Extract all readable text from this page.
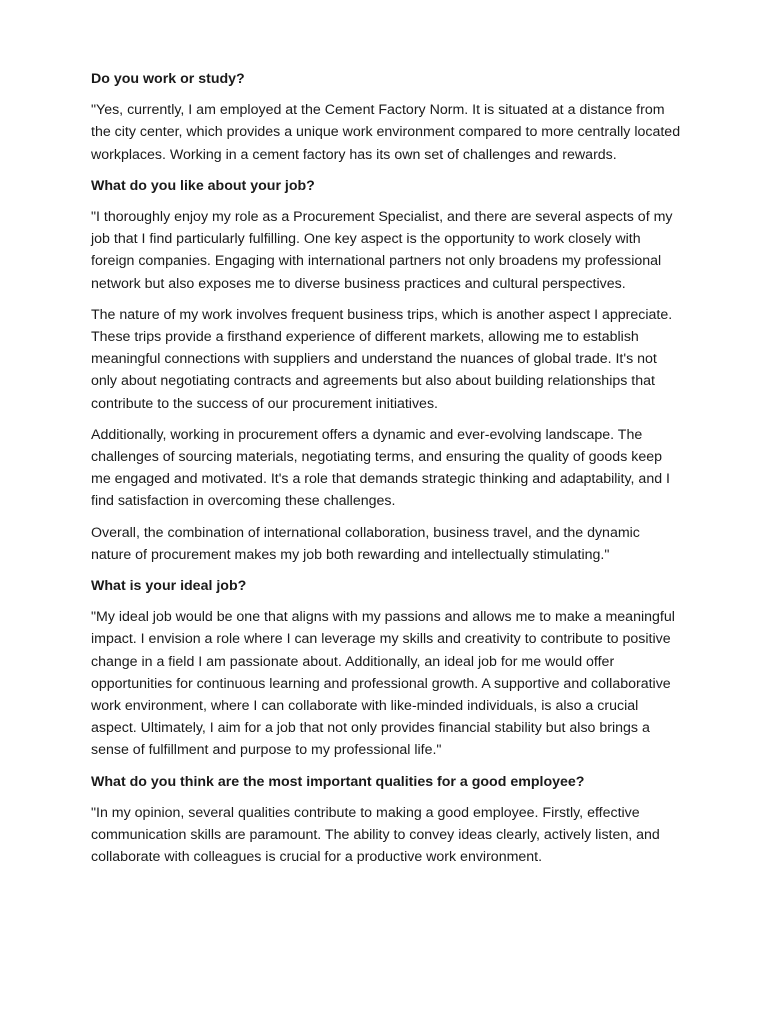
Do you work or study?
"Yes, currently, I am employed at the Cement Factory Norm. It is situated at a distance from the city center, which provides a unique work environment compared to more centrally located workplaces. Working in a cement factory has its own set of challenges and rewards.
What do you like about your job?
"I thoroughly enjoy my role as a Procurement Specialist, and there are several aspects of my job that I find particularly fulfilling. One key aspect is the opportunity to work closely with foreign companies. Engaging with international partners not only broadens my professional network but also exposes me to diverse business practices and cultural perspectives.
The nature of my work involves frequent business trips, which is another aspect I appreciate. These trips provide a firsthand experience of different markets, allowing me to establish meaningful connections with suppliers and understand the nuances of global trade. It's not only about negotiating contracts and agreements but also about building relationships that contribute to the success of our procurement initiatives.
Additionally, working in procurement offers a dynamic and ever-evolving landscape. The challenges of sourcing materials, negotiating terms, and ensuring the quality of goods keep me engaged and motivated. It's a role that demands strategic thinking and adaptability, and I find satisfaction in overcoming these challenges.
Overall, the combination of international collaboration, business travel, and the dynamic nature of procurement makes my job both rewarding and intellectually stimulating."
What is your ideal job?
"My ideal job would be one that aligns with my passions and allows me to make a meaningful impact. I envision a role where I can leverage my skills and creativity to contribute to positive change in a field I am passionate about. Additionally, an ideal job for me would offer opportunities for continuous learning and professional growth. A supportive and collaborative work environment, where I can collaborate with like-minded individuals, is also a crucial aspect. Ultimately, I aim for a job that not only provides financial stability but also brings a sense of fulfillment and purpose to my professional life."
What do you think are the most important qualities for a good employee?
"In my opinion, several qualities contribute to making a good employee. Firstly, effective communication skills are paramount. The ability to convey ideas clearly, actively listen, and collaborate with colleagues is crucial for a productive work environment.
